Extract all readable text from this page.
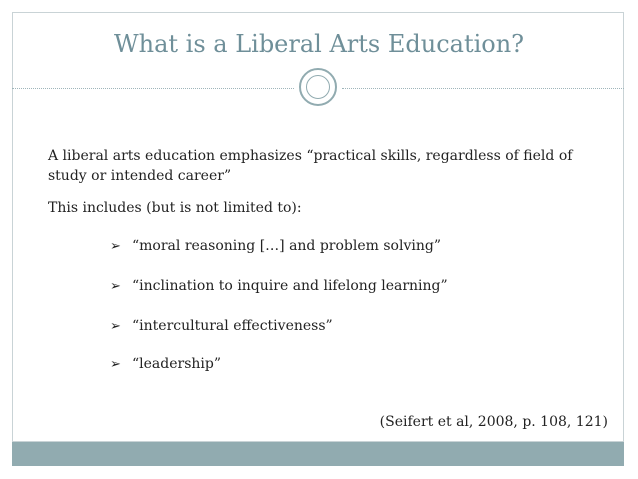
What is a Liberal Arts Education?
A liberal arts education emphasizes “practical skills, regardless of field of study or intended career”
This includes (but is not limited to):
➢ “moral reasoning […] and problem solving”
➢ “inclination to inquire and lifelong learning”
➢ “intercultural effectiveness”
➢ “leadership”
(Seifert et al, 2008, p. 108, 121)
